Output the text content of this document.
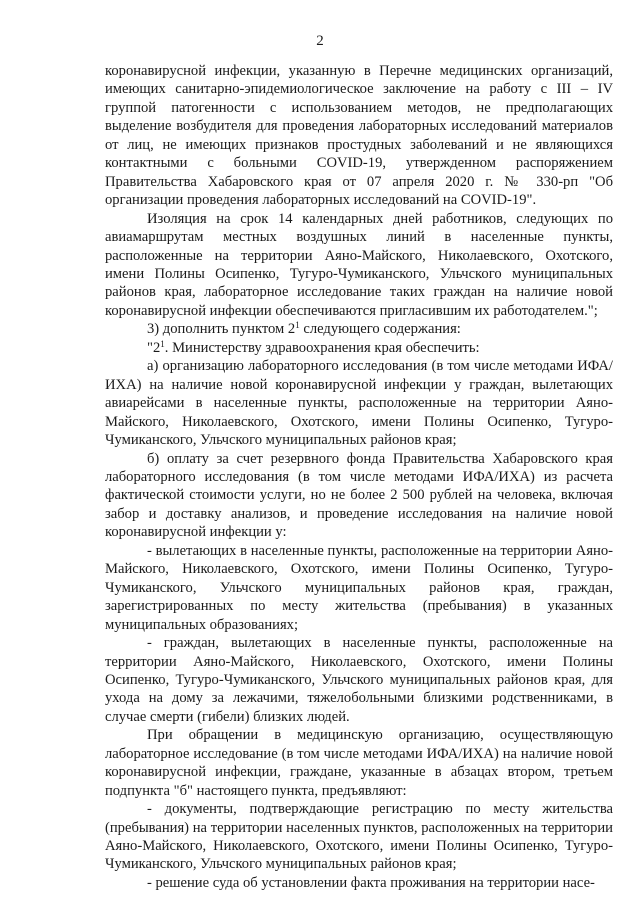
2

коронавирусной инфекции, указанную в Перечне медицинских организаций, имеющих санитарно-эпидемиологическое заключение на работу с III – IV группой патогенности с использованием методов, не предполагающих выделение возбудителя для проведения лабораторных исследований материалов от лиц, не имеющих признаков простудных заболеваний и не являющихся контактными с больными COVID-19, утвержденном распоряжением Правительства Хабаровского края от 07 апреля 2020 г. № 330-рп "Об организации проведения лабораторных исследований на COVID-19".

Изоляция на срок 14 календарных дней работников, следующих по авиамаршрутам местных воздушных линий в населенные пункты, расположенные на территории Аяно-Майского, Николаевского, Охотского, имени Полины Осипенко, Тугуро-Чумиканского, Ульчского муниципальных районов края, лабораторное исследование таких граждан на наличие новой коронавирусной инфекции обеспечиваются пригласившим их работодателем.";

3) дополнить пунктом $2^1$ следующего содержания:

"$2^1$. Министерству здравоохранения края обеспечить:

а) организацию лабораторного исследования (в том числе методами ИФА/ИХА) на наличие новой коронавирусной инфекции у граждан, вылетающих авиарейсами в населенные пункты, расположенные на территории Аяно-Майского, Николаевского, Охотского, имени Полины Осипенко, Тугуро-Чумиканского, Ульчского муниципальных районов края;

б) оплату за счет резервного фонда Правительства Хабаровского края лабораторного исследования (в том числе методами ИФА/ИХА) из расчета фактической стоимости услуги, но не более 2 500 рублей на человека, включая забор и доставку анализов, и проведение исследования на наличие новой коронавирусной инфекции у:

- вылетающих в населенные пункты, расположенные на территории Аяно-Майского, Николаевского, Охотского, имени Полины Осипенко, Тугуро-Чумиканского, Ульчского муниципальных районов края, граждан, зарегистрированных по месту жительства (пребывания) в указанных муниципальных образованиях;

- граждан, вылетающих в населенные пункты, расположенные на территории Аяно-Майского, Николаевского, Охотского, имени Полины Осипенко, Тугуро-Чумиканского, Ульчского муниципальных районов края, для ухода на дому за лежачими, тяжелобольными близкими родственниками, в случае смерти (гибели) близких людей.

При обращении в медицинскую организацию, осуществляющую лабораторное исследование (в том числе методами ИФА/ИХА) на наличие новой коронавирусной инфекции, граждане, указанные в абзацах втором, третьем подпункта "б" настоящего пункта, предъявляют:

- документы, подтверждающие регистрацию по месту жительства (пребывания) на территории населенных пунктов, расположенных на территории Аяно-Майского, Николаевского, Охотского, имени Полины Осипенко, Тугуро-Чумиканского, Ульчского муниципальных районов края;

- решение суда об установлении факта проживания на территории насе-
